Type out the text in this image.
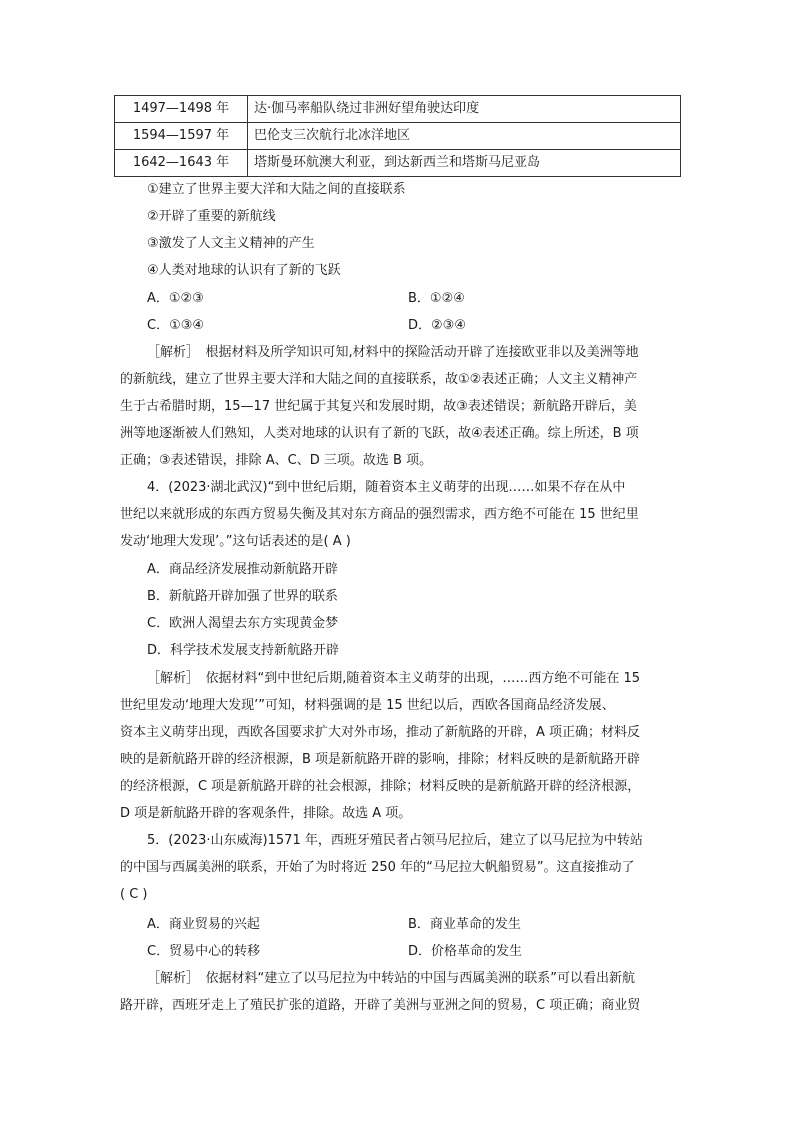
1497—1498 年	达·伽马率船队绕过非洲好望角驶达印度
1594—1597 年	巴伦支三次航行北冰洋地区
1642—1643 年	塔斯曼环航澳大利亚，到达新西兰和塔斯马尼亚岛
①建立了世界主要大洋和大陆之间的直接联系
②开辟了重要的新航线
③激发了人文主义精神的产生
④人类对地球的认识有了新的飞跃
A．①②③	B．①②④
C．①③④	D．②③④
［解析］　根据材料及所学知识可知,材料中的探险活动开辟了连接欧亚非以及美洲等地
的新航线，建立了世界主要大洋和大陆之间的直接联系，故①②表述正确；人文主义精神产
生于古希腊时期，15—17 世纪属于其复兴和发展时期，故③表述错误；新航路开辟后，美
洲等地逐渐被人们熟知，人类对地球的认识有了新的飞跃，故④表述正确。综上所述，B 项
正确；③表述错误，排除 A、C、D 三项。故选 B 项。
4．(2023·湖北武汉)“到中世纪后期，随着资本主义萌芽的出现……如果不存在从中
世纪以来就形成的东西方贸易失衡及其对东方商品的强烈需求，西方绝不可能在 15 世纪里
发动‘地理大发现’。”这句话表述的是( A )
A．商品经济发展推动新航路开辟
B．新航路开辟加强了世界的联系
C．欧洲人渴望去东方实现黄金梦
D．科学技术发展支持新航路开辟
［解析］　依据材料“到中世纪后期,随着资本主义萌芽的出现，……西方绝不可能在 15
世纪里发动‘地理大发现’”可知，材料强调的是 15 世纪以后，西欧各国商品经济发展、
资本主义萌芽出现，西欧各国要求扩大对外市场，推动了新航路的开辟，A 项正确；材料反
映的是新航路开辟的经济根源，B 项是新航路开辟的影响，排除；材料反映的是新航路开辟
的经济根源，C 项是新航路开辟的社会根源，排除；材料反映的是新航路开辟的经济根源，
D 项是新航路开辟的客观条件，排除。故选 A 项。
5．(2023·山东威海)1571 年，西班牙殖民者占领马尼拉后，建立了以马尼拉为中转站
的中国与西属美洲的联系，开始了为时将近 250 年的“马尼拉大帆船贸易”。这直接推动了
( C )
A．商业贸易的兴起	B．商业革命的发生
C．贸易中心的转移	D．价格革命的发生
［解析］　依据材料“建立了以马尼拉为中转站的中国与西属美洲的联系”可以看出新航
路开辟，西班牙走上了殖民扩张的道路，开辟了美洲与亚洲之间的贸易，C 项正确；商业贸
